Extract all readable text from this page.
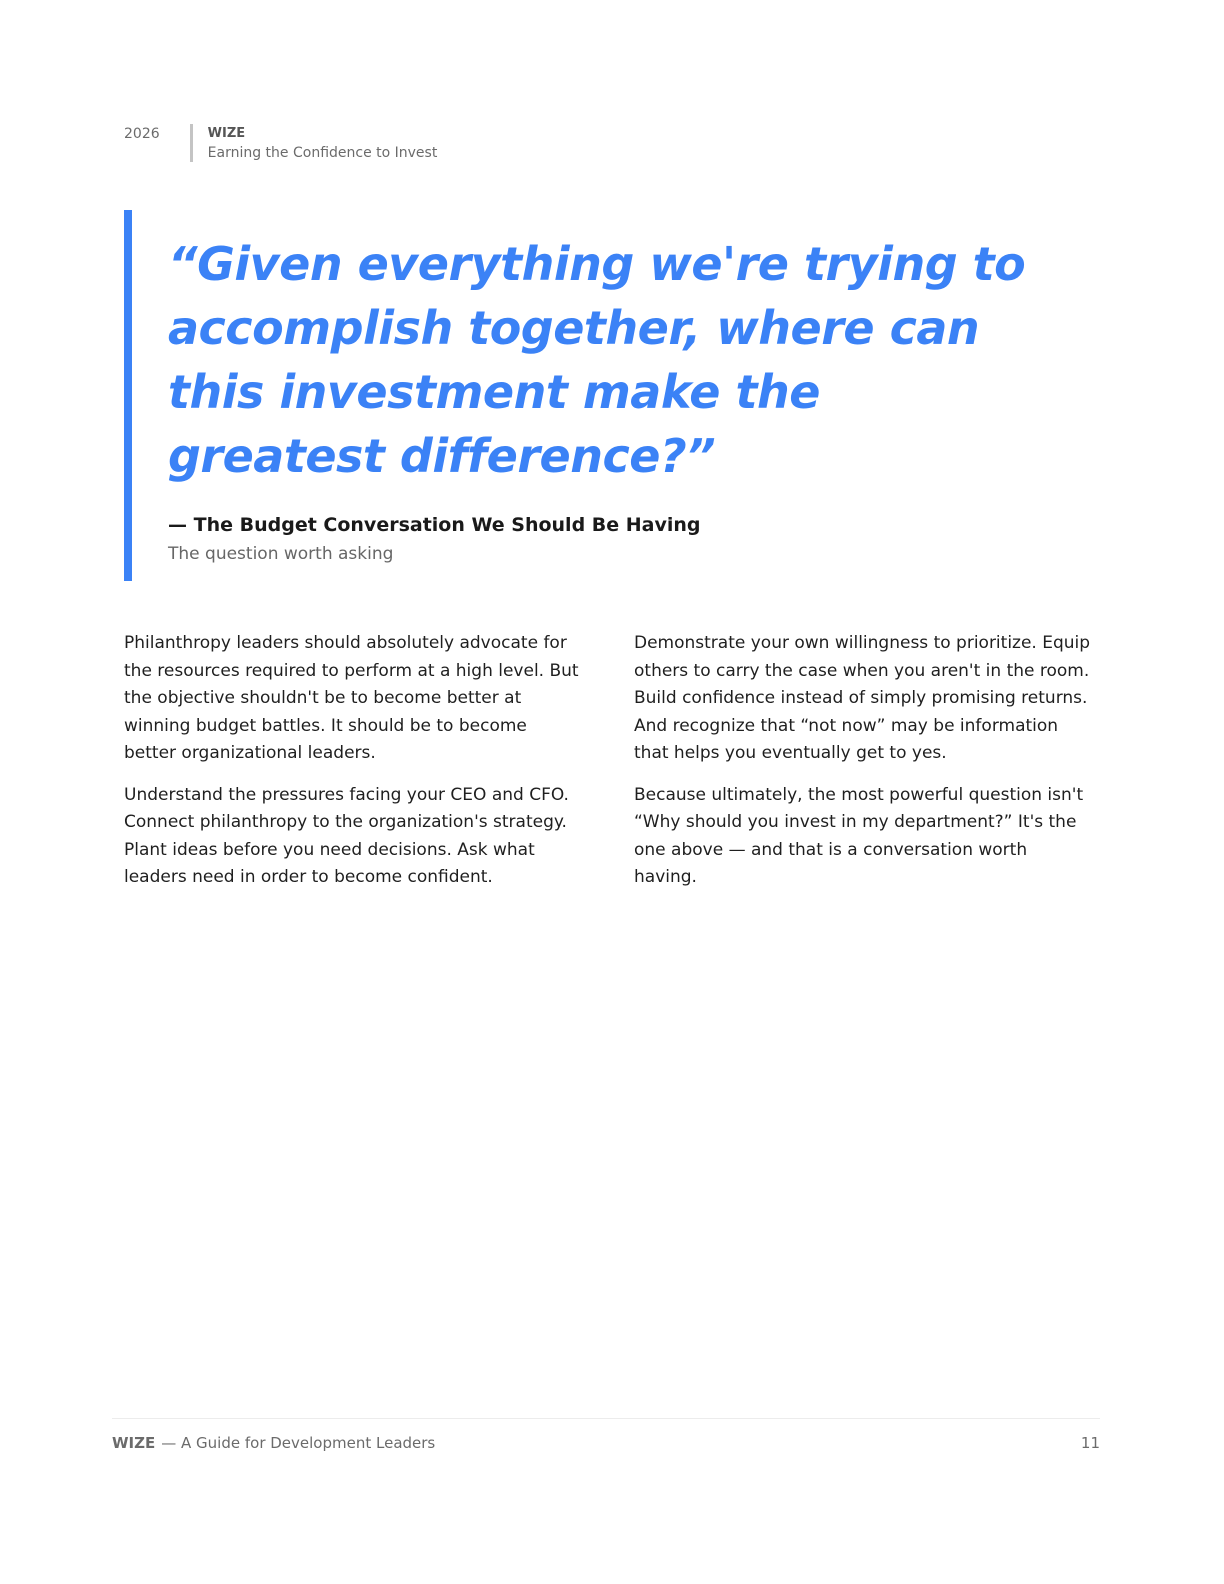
2026	WIZE
Earning the Confidence to Invest
“Given everything we're trying to accomplish together, where can this investment make the greatest difference?”
— The Budget Conversation We Should Be Having
The question worth asking

Philanthropy leaders should absolutely advocate for the resources required to perform at a high level. But the objective shouldn't be to become better at winning budget battles. It should be to become better organizational leaders.

Understand the pressures facing your CEO and CFO. Connect philanthropy to the organization's strategy. Plant ideas before you need decisions. Ask what leaders need in order to become confident.

Demonstrate your own willingness to prioritize. Equip others to carry the case when you aren't in the room. Build confidence instead of simply promising returns. And recognize that “not now” may be information that helps you eventually get to yes.

Because ultimately, the most powerful question isn't “Why should you invest in my department?” It's the one above — and that is a conversation worth having.

WIZE — A Guide for Development Leaders	11
